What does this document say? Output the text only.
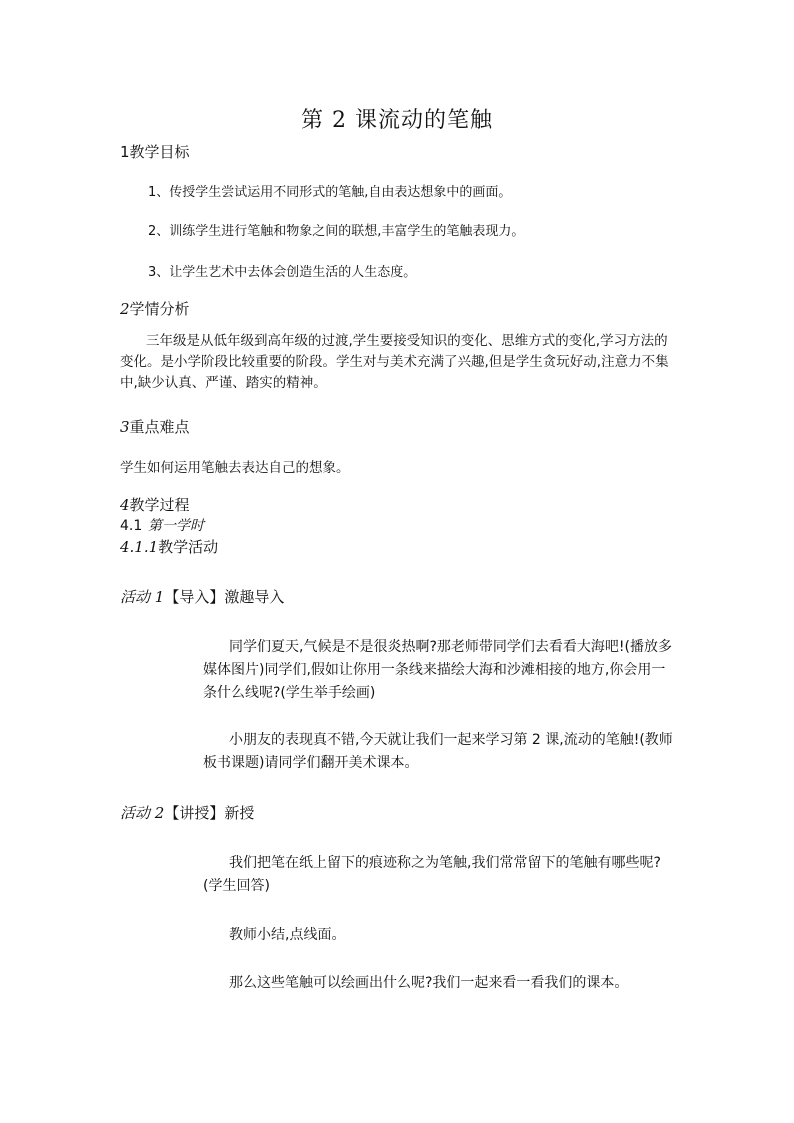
第 2 课流动的笔触
1教学目标
1、传授学生尝试运用不同形式的笔触,自由表达想象中的画面。
2、训练学生进行笔触和物象之间的联想,丰富学生的笔触表现力。
3、让学生艺术中去体会创造生活的人生态度。
2学情分析
三年级是从低年级到高年级的过渡,学生要接受知识的变化、思维方式的变化,学习方法的变化。是小学阶段比较重要的阶段。学生对与美术充满了兴趣,但是学生贪玩好动,注意力不集中,缺少认真、严谨、踏实的精神。
3重点难点
学生如何运用笔触去表达自己的想象。
4教学过程
4.1 第一学时
4.1.1教学活动
活动 1【导入】激趣导入
同学们夏天,气候是不是很炎热啊?那老师带同学们去看看大海吧!(播放多媒体图片)同学们,假如让你用一条线来描绘大海和沙滩相接的地方,你会用一条什么线呢?(学生举手绘画)
小朋友的表现真不错,今天就让我们一起来学习第 2 课,流动的笔触!(教师板书课题)请同学们翻开美术课本。
活动 2【讲授】新授
我们把笔在纸上留下的痕迹称之为笔触,我们常常留下的笔触有哪些呢?(学生回答)
教师小结,点线面。
那么这些笔触可以绘画出什么呢?我们一起来看一看我们的课本。
